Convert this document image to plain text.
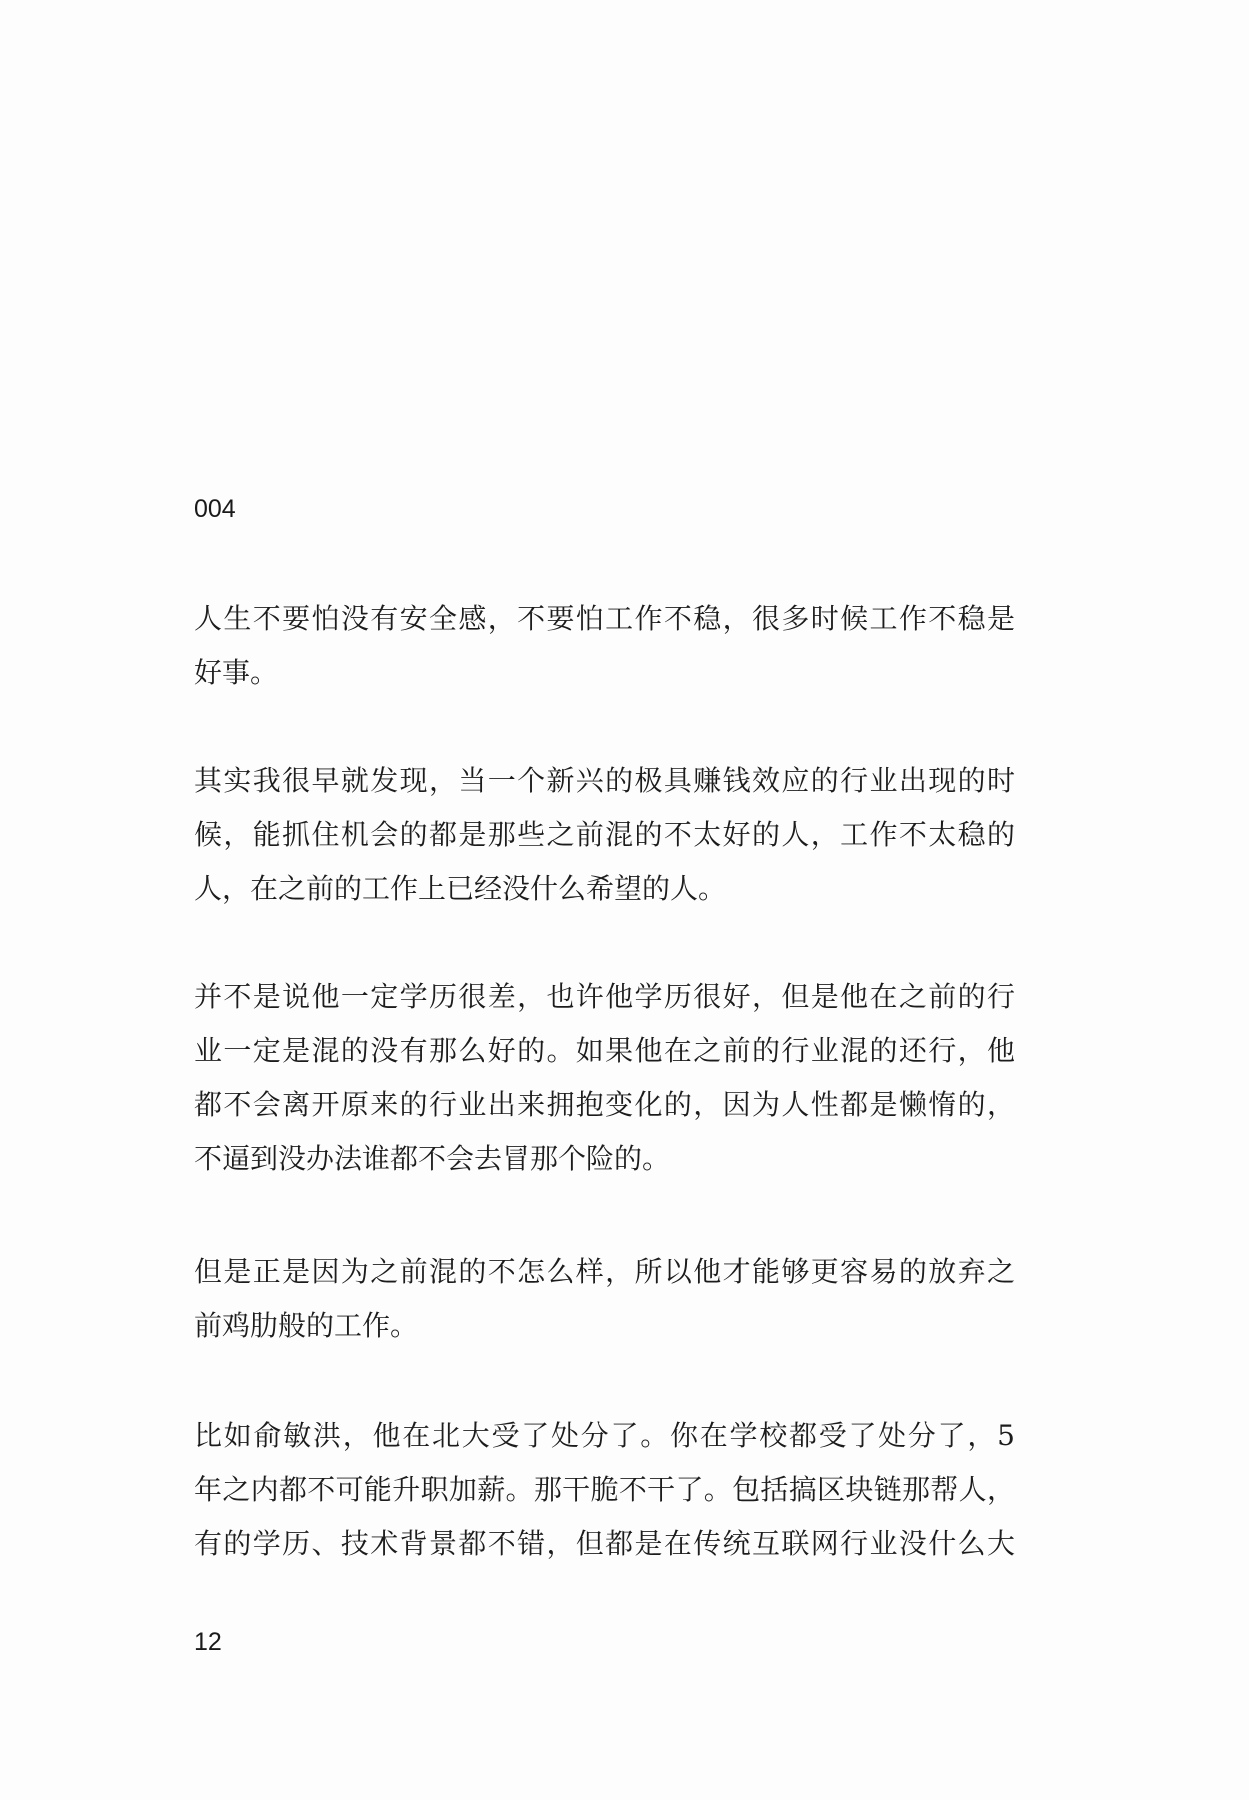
004
人生不要怕没有安全感，不要怕工作不稳，很多时候工作不稳是
好事。
其实我很早就发现，当一个新兴的极具赚钱效应的行业出现的时
候，能抓住机会的都是那些之前混的不太好的人，工作不太稳的
人，在之前的工作上已经没什么希望的人。
并不是说他一定学历很差，也许他学历很好，但是他在之前的行
业一定是混的没有那么好的。如果他在之前的行业混的还行，他
都不会离开原来的行业出来拥抱变化的，因为人性都是懒惰的，
不逼到没办法谁都不会去冒那个险的。
但是正是因为之前混的不怎么样，所以他才能够更容易的放弃之
前鸡肋般的工作。
比如俞敏洪，他在北大受了处分了。你在学校都受了处分了，5
年之内都不可能升职加薪。那干脆不干了。包括搞区块链那帮人，
有的学历、技术背景都不错，但都是在传统互联网行业没什么大
12
